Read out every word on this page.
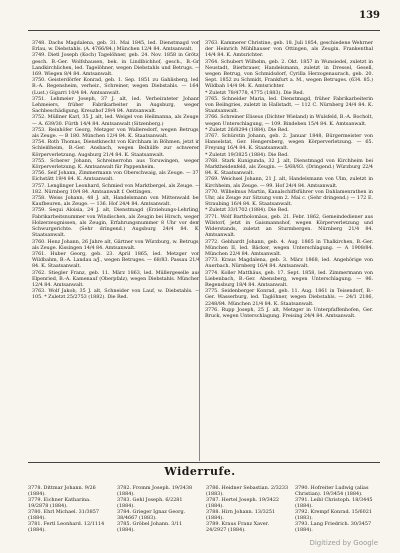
139

3748. Dachs Magdalena, geb. 31. Mai 1845, led. Dienstmagd von Erlau, w. Diebstahls. (A. 4766/84.) München 12/4 84. Amtsanwalt.

3749. Dietl Joseph (Koch) Tagelöhner, geb. 24. Nov. 1858 in Grötz, gesch. B.-Ger. Wolfshausen, bek. in Lindlbichhof, gesch., B.-Gr. Landkirchlichen, led. Tagelöhner, wegen Diebstahls und Betrugs. — 169. Wiegen 8/4 84. Amtsanwalt.

3750. Geisterdörfer Konrad, geb. 1. Sep. 1851 zu Gahlisberg, led. B.-A. Regensheim, verheir., Schreiner, wegen Diebstahls. — 164. (Lust.) Gigarri 10/4 84. Amtsanwalt.

3751. Lehmeier Joseph, 37 J. alt, led. Verheirateter Johann Lehmeiers, früher Fabrikarbeiter in Augsburg, wegen Sachbeschädigung. Kreuzhof 29/4 84. Amtsanwalt.

3752. Müllner Karl, 35 J. alt, led. Weigel von Heilmanna, als Zeuge. — A. 639/30. Fürth 14/4 84. Amtsanwalt (Sitzenberg.)

3753. Reinhöfer Georg, Metzger von Walleredorf, wegen Betrugs, als Zeuge. — B 180. München 12/4 84. K. Staatsanwalt.

3754. Roth Thomas, Dienstknecht von Kirchham in Böhmen, jetzt in Schleißheim, B.-Ger. Ansbach, wegen Beihülfe zur schweren Körperverletzung. Augsburg 21/4 84. K. Staatsanwalt.

3755. Scherer Johann, Schreinerrohn aus Toruwingen, wegen Körperverletzung. K. Amtsanwalt für Pappenheim.

3756. Seif Johann, Zimmermann von Oberschwaig, als Zeuge. — 37. Eichstätt 19/4 84. K. Amtsanwalt.

3757. Lenglinger Leonhard, Schmied von Marktbergel, als Zeuge. — 182. Nürnberg 10/4 84. Amtsanwalt f. Oettingen.

3758. Weiss Johann, 48 J. alt, Handelsmann von Mittenwald bei Kaufbeuren, als Zeuge. — 136. Hof 24/4 84. Amtsanwalt.

3759. Sequi Aloisia, 24 J. alt, Dienstmagd (Erziehungs-Lehrling) Fabrikarbeitsnummer von Windischen, als Zeugin bei Hirsch, wegen Holzerzeugnissen, als Zeugin, Erfahrungsnummer 8 Uhr vor dem Schwurgerichte. (Sehr dringend.) Augsburg 24/4 84. K. Staatsanwalt.

3760. Henz Johann, 26 Jahre alt, Gärtner von Würzburg, w. Betrugs, als Zeuge. Kissingen 14/4 84. Amtsanwalt.

3761. Huber Georg, geb. 23. April 1865, led. Metzger von Wildbahm, B.-A. Landau a/J., wegen Betruges. — 68/83. Passau 21/4 84. K. Staatsanwalt.

3762. Stiegler Franz, geb. 11. März 1863, led. Müllergeselle aus Elpenried, B.-A. Kamenauf (Oberpfalz), wegen Diebstahls. München 12/4 84. Amtsanwalt.

3763. Wolf Jakob, 35 J. alt, Schneider von Lauf, w. Diebstahls. — 105. * Zuletzt 25/2753 (1882). Die Red.

3763. Kammerer Christine, geb. 18. Juli 1854, geschiedene Wehrner der Heinrich Mühlhauser von Ottingen, als Zeugin. Frankenthal 14/4 84. K. Amtsrichter.

3764. Schubert Wilhelm, geb. 2. Okt. 1857 in Wunsiedel, zuletzt in Neustadt, Bierbrauer, Handelsmann, zuletzt in Dressel, Gesell, wegen Betrug, von Schmidsdorf, Cyrilla Herzogenaurach, geb. 20. Sept. 1852 zu Schmidt, Frankfurt a. M., wegen Betruges. (634. 85.) Wildbah 14/4 84. K. Amtsrichter.

* Zuletzt 78/4778, 4775 (1883). Die Red.

3765. Schneider Maria, led. Dienstmagd, früher Fabrikarbeiterin von Beilngries, zuletzt in Hallstadt, — 112 C. Nürnberg 24/4 84. K. Staatsanwalt.

3766. Schreiner Eliseus (Dichter Wieland) in Wulsfeld, B.-A. Bocholt, wegen Unterschlagung, — 109. Bindeben 15/4 84. K. Amtsanwalt.

* Zuletzt 26/8294 (1884). Die Red.

3767. Schürstin Johann, geb. 2. Januar 1848, Bürgermeister von Hanselstat, Ger. Hengersberg, wegen Körperverletzung. — 65. Freyung 16/4 84. K. Staatsanwalt.

* Zuletzt 19/3825 (1884). Die Red.

3768. Stark Kunigunda, 32 J. alt, Dienstmagd von Kirchheim bei Marktheidenfeld, als Zeugin. — 5/68/83. (Dringend.) Würzburg 22/4 84. K. Staatsanwalt.

3769. Weichsel Johann, 21 J. alt, Handelsmann von Ulm, zuletzt in Kirchheim, als Zeuge. — 99. Hof 24/4 84. Amtsanwalt.

3770. Wilhelmus Martin, Kanalschiffsführer von Dahlamenrathen in Uhr, als Zeuge zur Sitzung vom 2. Mai c. (Sehr dringend.) — 172 E. Straubing 16/4 84. K. Staatsanwalt.

* Zuletzt 33/1702 (1884). Die Red.

3771. Wolf Bartholomäus, geb. 21. Febr. 1862, Gemeindediener aus Wilstorf, jetzt in Gaismannshof, wegen Körperverletzung und Widerstands, zuletzt an Sturmbergen. Nürnberg 21/4 84. Amtsanwalt.

3772. Gebhardt Johann, geb. 4. Aug. 1865 in Thalkirchen, B.-Ger. München II, led. Bäcker, wegen Unterschlagung. — A 1908/84. München 22/4 84. Amtsanwalt.

3773. Kraus Magdalena, geb. 3. März 1868, led. Angehörige von Auerbach. Nürnberg 16/4 84. Amtsanwalt.

3774. Koller Matthäus, geb. 17. Sept. 1858, led. Zimmermann von Liebenbach, B.-Ger. Abensberg, wegen Unterschlagung. — 96. Regensburg 18/4 84. Amtsanwalt.

3775. Seidenberger Konrad, geb. 11. Aug. 1861 in Teisendorf, B.-Ger. Wasserburg, led. Taglöhner, wegen Diebstahls. — 24/1 2186, 2248/84. München 21/4 84. K. Staatsanwalt.

3776. Rupp Joseph, 25 J. alt, Metzger in Unterpfaffenhofen, Ger. Bruck, wegen Unterschlagung. Freising 24/4 84. Amtsanwalt.

Widerrufe.

3778. Dittmar Johann. 9/26 (1884).

3779. Eichner Katharina. 19/2878 (1884).

3780. Ehrl Michael. 31/3857 (1884).

3781. Fertl Leonhard. 12/1114 (1884).

3782. Fromm Joseph. 19/3438 (1884).

3783. Gehl Joseph. 6/2281 (1884).

3784. Grieger Ignaz Georg. 38/4667 (1883).

3785. Gröbel Johann. 3/11 (1884).

3786. Heidner Sebastian. 2/3233 (1883).

3787. Hertel Joseph. 19/3422 (1884).

3788. Hirn Johann. 13/3251 (1884).

3789. Kraus Franz Xaver. 24/2927 (1884).

3790. Hofreiter Ludwig (alias Christian). 19/3454 (1884).

3791. Leibl Christoph. 18/3445 (1884).

3792. Krempf Konrad. 15/6021 (1883).

3793. Lang Friedrich. 30/3457 (1884).

Digitized by Google
